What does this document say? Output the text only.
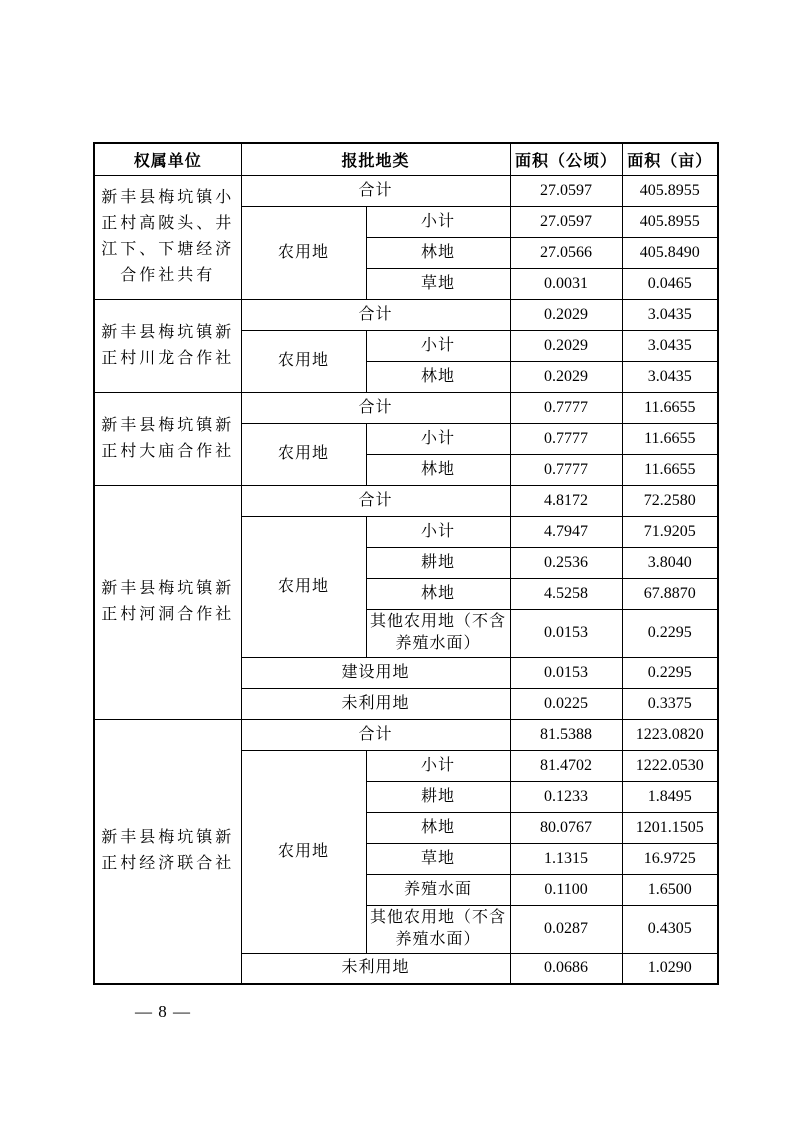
权属单位	报批地类		面积（公顷）	面积（亩）
新丰县梅坑镇小正村高陂头、井江下、下塘经济合作社共有	合计		27.0597	405.8955
	农用地	小计	27.0597	405.8955
		林地	27.0566	405.8490
		草地	0.0031	0.0465
新丰县梅坑镇新正村川龙合作社	合计		0.2029	3.0435
	农用地	小计	0.2029	3.0435
		林地	0.2029	3.0435
新丰县梅坑镇新正村大庙合作社	合计		0.7777	11.6655
	农用地	小计	0.7777	11.6655
		林地	0.7777	11.6655
新丰县梅坑镇新正村河洞合作社	合计		4.8172	72.2580
	农用地	小计	4.7947	71.9205
		耕地	0.2536	3.8040
		林地	4.5258	67.8870
		其他农用地（不含养殖水面）	0.0153	0.2295
	建设用地		0.0153	0.2295
	未利用地		0.0225	0.3375
新丰县梅坑镇新正村经济联合社	合计		81.5388	1223.0820
	农用地	小计	81.4702	1222.0530
		耕地	0.1233	1.8495
		林地	80.0767	1201.1505
		草地	1.1315	16.9725
		养殖水面	0.1100	1.6500
		其他农用地（不含养殖水面）	0.0287	0.4305
	未利用地		0.0686	1.0290
— 8 —
